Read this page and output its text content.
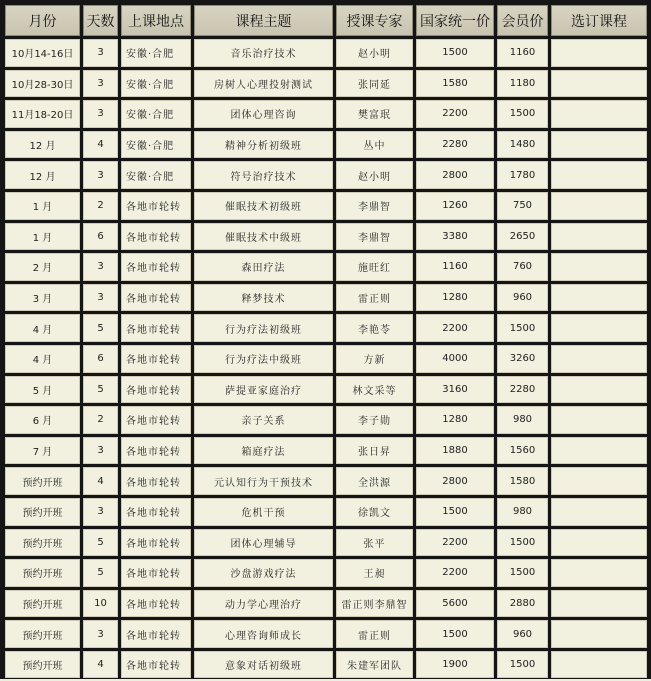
月份	天数	上课地点	课程主题	授课专家	国家统一价	会员价	选订课程
10月14-16日	3	安徽·合肥	音乐治疗技术	赵小明	1500	1160	
10月28-30日	3	安徽·合肥	房树人心理投射测试	张同延	1580	1180	
11月18-20日	3	安徽·合肥	团体心理咨询	樊富珉	2200	1500	
12 月	4	安徽·合肥	精神分析初级班	丛中	2280	1480	
12 月	3	安徽·合肥	符号治疗技术	赵小明	2800	1780	
1 月	2	各地市轮转	催眠技术初级班	李鼎智	1260	750	
1 月	6	各地市轮转	催眠技术中级班	李鼎智	3380	2650	
2 月	3	各地市轮转	森田疗法	施旺红	1160	760	
3 月	3	各地市轮转	释梦技术	雷正则	1280	960	
4 月	5	各地市轮转	行为疗法初级班	李艳苓	2200	1500	
4 月	6	各地市轮转	行为疗法中级班	方新	4000	3260	
5 月	5	各地市轮转	萨提亚家庭治疗	林文采等	3160	2280	
6 月	2	各地市轮转	亲子关系	李子勋	1280	980	
7 月	3	各地市轮转	箱庭疗法	张日昇	1880	1560	
预约开班	4	各地市轮转	元认知行为干预技术	全洪源	2800	1580	
预约开班	3	各地市轮转	危机干预	徐凯文	1500	980	
预约开班	5	各地市轮转	团体心理辅导	张平	2200	1500	
预约开班	5	各地市轮转	沙盘游戏疗法	王昶	2200	1500	
预约开班	10	各地市轮转	动力学心理治疗	雷正则李鼎智	5600	2880	
预约开班	3	各地市轮转	心理咨询师成长	雷正则	1500	960	
预约开班	4	各地市轮转	意象对话初级班	朱建军团队	1900	1500	
